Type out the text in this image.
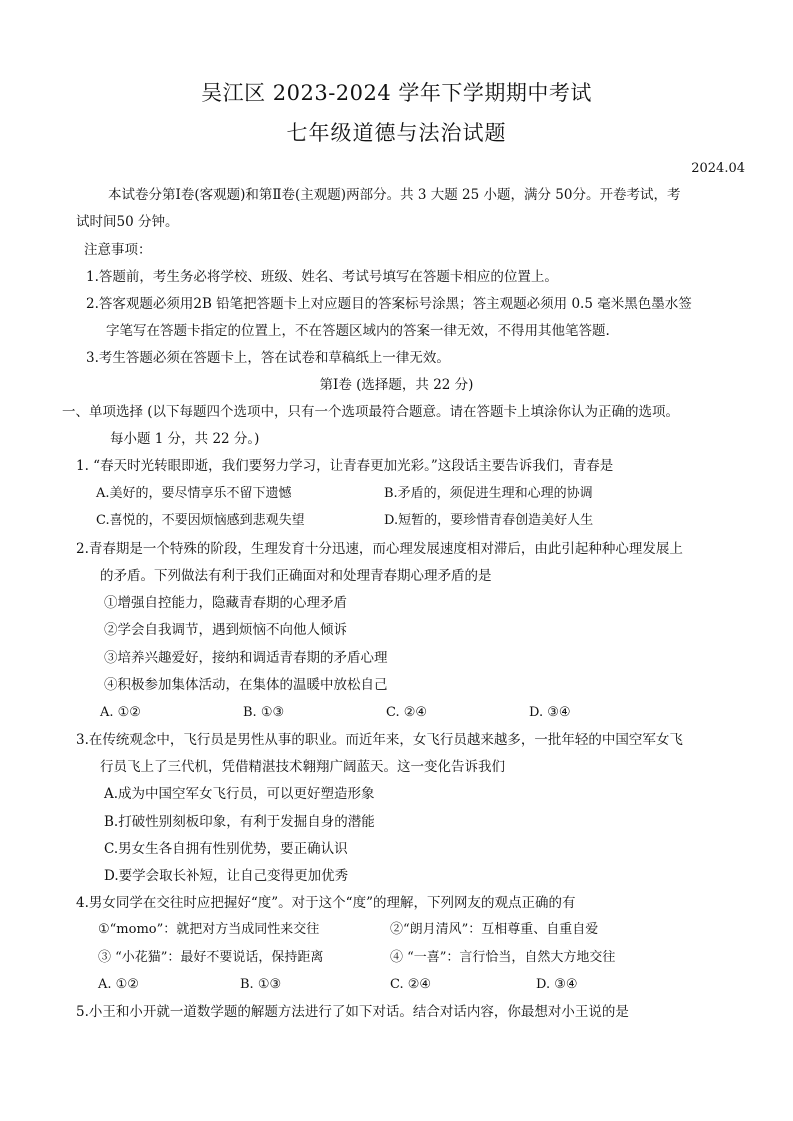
吴江区 2023-2024 学年下学期期中考试
七年级道德与法治试题
2024.04
本试卷分第Ⅰ卷(客观题)和第Ⅱ卷(主观题)两部分。共 3 大题 25 小题，满分 50分。开卷考试，考
试时间50 分钟。
注意事项：
1.答题前，考生务必将学校、班级、姓名、考试号填写在答题卡相应的位置上。
2.答客观题必须用2B 铅笔把答题卡上对应题目的答案标号涂黑；答主观题必须用 0.5 毫米黑色墨水签
字笔写在答题卡指定的位置上，不在答题区域内的答案一律无效，不得用其他笔答题.
3.考生答题必须在答题卡上，答在试卷和草稿纸上一律无效。
第Ⅰ卷 (选择题，共 22 分)
一、单项选择 (以下每题四个选项中，只有一个选项最符合题意。请在答题卡上填涂你认为正确的选项。
每小题 1 分，共 22 分。)
1. “春天时光转眼即逝，我们要努力学习，让青春更加光彩。”这段话主要告诉我们，青春是
A.美好的，要尽情享乐不留下遗憾	B.矛盾的，须促进生理和心理的协调
C.喜悦的，不要因烦恼感到悲观失望	D.短暂的，要珍惜青春创造美好人生
2.青春期是一个特殊的阶段，生理发育十分迅速，而心理发展速度相对滞后，由此引起种种心理发展上
的矛盾。下列做法有利于我们正确面对和处理青春期心理矛盾的是
①增强自控能力，隐藏青春期的心理矛盾
②学会自我调节，遇到烦恼不向他人倾诉
③培养兴趣爱好，接纳和调适青春期的矛盾心理
④积极参加集体活动，在集体的温暖中放松自己
A. ①②	B. ①③	C. ②④	D. ③④
3.在传统观念中，飞行员是男性从事的职业。而近年来，女飞行员越来越多，一批年轻的中国空军女飞
行员飞上了三代机，凭借精湛技术翱翔广阔蓝天。这一变化告诉我们
A.成为中国空军女飞行员，可以更好塑造形象
B.打破性别刻板印象，有利于发掘自身的潜能
C.男女生各自拥有性别优势，要正确认识
D.要学会取长补短，让自己变得更加优秀
4.男女同学在交往时应把握好“度”。对于这个“度”的理解，下列网友的观点正确的有
①“momo”：就把对方当成同性来交往	②“朗月清风”：互相尊重、自重自爱
③ “小花猫”：最好不要说话，保持距离	④ “一喜”：言行恰当，自然大方地交往
A. ①②	B. ①③	C. ②④	D. ③④
5.小王和小开就一道数学题的解题方法进行了如下对话。结合对话内容，你最想对小王说的是
